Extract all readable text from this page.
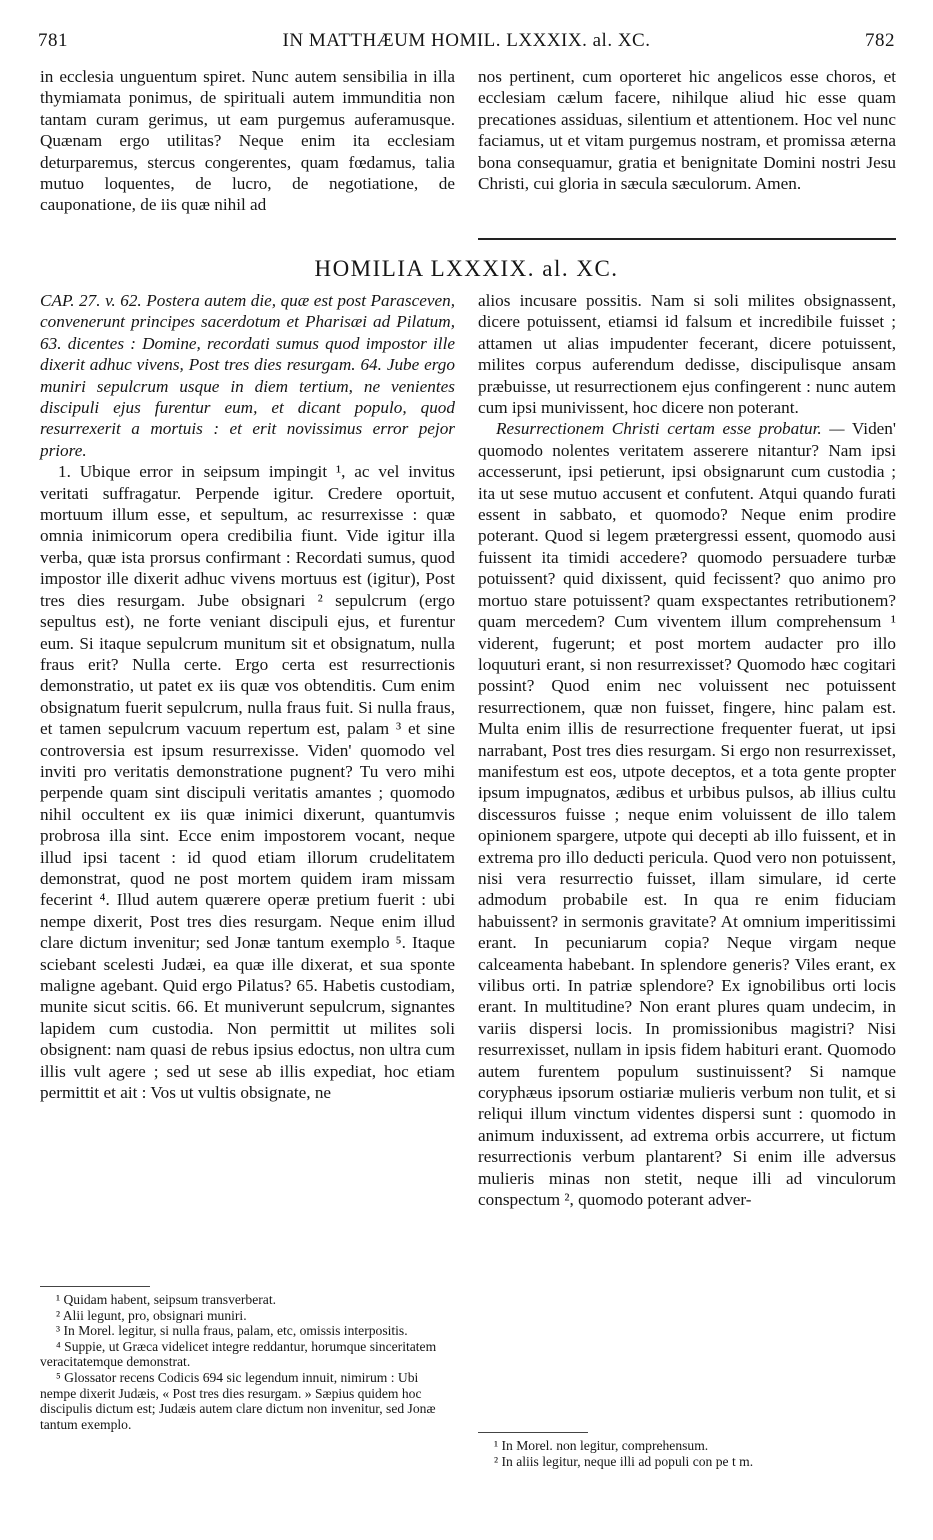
781	IN MATTHÆUM HOMIL. LXXXIX. al. XC.	782

in ecclesia unguentum spiret. Nunc autem sensibilia in illa thymiamata ponimus, de spirituali autem immunditia non tantam curam gerimus, ut eam purgemus auferamusque. Quænam ergo utilitas? Neque enim ita ecclesiam deturparemus, stercus congerentes, quam fœdamus, talia mutuo loquentes, de lucro, de negotiatione, de cauponatione, de iis quæ nihil ad

nos pertinent, cum oporteret hic angelicos esse choros, et ecclesiam cælum facere, nihilque aliud hic esse quam precationes assiduas, silentium et attentionem. Hoc vel nunc faciamus, ut et vitam purgemus nostram, et promissa æterna bona consequamur, gratia et benignitate Domini nostri Jesu Christi, cui gloria in sæcula sæculorum. Amen.

HOMILIA LXXXIX. al. XC.

CAP. 27. v. 62. Postera autem die, quæ est post Parasceven, convenerunt principes sacerdotum et Pharisæi ad Pilatum, 63. dicentes : Domine, recordati sumus quod impostor ille dixerit adhuc vivens, Post tres dies resurgam. 64. Jube ergo muniri sepulcrum usque in diem tertium, ne venientes discipuli ejus furentur eum, et dicant populo, quod resurrexerit a mortuis : et erit novissimus error pejor priore.

1. Ubique error in seipsum impingit ¹, ac vel invitus veritati suffragatur. Perpende igitur. Credere oportuit, mortuum illum esse, et sepultum, ac resurrexisse : quæ omnia inimicorum opera credibilia fiunt. Vide igitur illa verba, quæ ista prorsus confirmant : Recordati sumus, quod impostor ille dixerit adhuc vivens mortuus est (igitur), Post tres dies resurgam. Jube obsignari ² sepulcrum (ergo sepultus est), ne forte veniant discipuli ejus, et furentur eum. Si itaque sepulcrum munitum sit et obsignatum, nulla fraus erit? Nulla certe. Ergo certa est resurrectionis demonstratio, ut patet ex iis quæ vos obtenditis. Cum enim obsignatum fuerit sepulcrum, nulla fraus fuit. Si nulla fraus, et tamen sepulcrum vacuum repertum est, palam ³ et sine controversia est ipsum resurrexisse. Viden' quomodo vel inviti pro veritatis demonstratione pugnent? Tu vero mihi perpende quam sint discipuli veritatis amantes ; quomodo nihil occultent ex iis quæ inimici dixerunt, quantumvis probrosa illa sint. Ecce enim impostorem vocant, neque illud ipsi tacent : id quod etiam illorum crudelitatem demonstrat, quod ne post mortem quidem iram missam fecerint ⁴. Illud autem quærere operæ pretium fuerit : ubi nempe dixerit, Post tres dies resurgam. Neque enim illud clare dictum invenitur; sed Jonæ tantum exemplo ⁵. Itaque sciebant scelesti Judæi, ea quæ ille dixerat, et sua sponte maligne agebant. Quid ergo Pilatus? 65. Habetis custodiam, munite sicut scitis. 66. Et muniverunt sepulcrum, signantes lapidem cum custodia. Non permittit ut milites soli obsignent: nam quasi de rebus ipsius edoctus, non ultra cum illis vult agere ; sed ut sese ab illis expediat, hoc etiam permittit et ait : Vos ut vultis obsignate, ne

alios incusare possitis. Nam si soli milites obsignassent, dicere potuissent, etiamsi id falsum et incredibile fuisset ; attamen ut alias impudenter fecerant, dicere potuissent, milites corpus auferendum dedisse, discipulisque ansam præbuisse, ut resurrectionem ejus confingerent : nunc autem cum ipsi munivissent, hoc dicere non poterant.

Resurrectionem Christi certam esse probatur. — Viden' quomodo nolentes veritatem asserere nitantur? Nam ipsi accesserunt, ipsi petierunt, ipsi obsignarunt cum custodia ; ita ut sese mutuo accusent et confutent. Atqui quando furati essent in sabbato, et quomodo? Neque enim prodire poterant. Quod si legem prætergressi essent, quomodo ausi fuissent ita timidi accedere? quomodo persuadere turbæ potuissent? quid dixissent, quid fecissent? quo animo pro mortuo stare potuissent? quam exspectantes retributionem? quam mercedem? Cum viventem illum comprehensum ¹ viderent, fugerunt; et post mortem audacter pro illo loquuturi erant, si non resurrexisset? Quomodo hæc cogitari possint? Quod enim nec voluissent nec potuissent resurrectionem, quæ non fuisset, fingere, hinc palam est. Multa enim illis de resurrectione frequenter fuerat, ut ipsi narrabant, Post tres dies resurgam. Si ergo non resurrexisset, manifestum est eos, utpote deceptos, et a tota gente propter ipsum impugnatos, ædibus et urbibus pulsos, ab illius cultu discessuros fuisse ; neque enim voluissent de illo talem opinionem spargere, utpote qui decepti ab illo fuissent, et in extrema pro illo deducti pericula. Quod vero non potuissent, nisi vera resurrectio fuisset, illam simulare, id certe admodum probabile est. In qua re enim fiduciam habuissent? in sermonis gravitate? At omnium imperitissimi erant. In pecuniarum copia? Neque virgam neque calceamenta habebant. In splendore generis? Viles erant, ex vilibus orti. In patriæ splendore? Ex ignobilibus orti locis erant. In multitudine? Non erant plures quam undecim, in variis dispersi locis. In promissionibus magistri? Nisi resurrexisset, nullam in ipsis fidem habituri erant. Quomodo autem furentem populum sustinuissent? Si namque coryphæus ipsorum ostiariæ mulieris verbum non tulit, et si reliqui illum vinctum videntes dispersi sunt : quomodo in animum induxissent, ad extrema orbis accurrere, ut fictum resurrectionis verbum plantarent? Si enim ille adversus mulieris minas non stetit, neque illi ad vinculorum conspectum ², quomodo poterant adver-

¹ Quidam habent, seipsum transverberat.

² Alii legunt, pro, obsignari muniri.

³ In Morel. legitur, si nulla fraus, palam, etc, omissis interpositis.

⁴ Suppie, ut Græca videlicet integre reddantur, horumque sinceritatem veracitatemque demonstrat.

⁵ Glossator recens Codicis 694 sic legendum innuit, nimirum : Ubi nempe dixerit Judæis, « Post tres dies resurgam. » Sæpius quidem hoc discipulis dictum est; Judæis autem clare dictum non invenitur, sed Jonæ tantum exemplo.

¹ In Morel. non legitur, comprehensum.

² In aliis legitur, neque illi ad populi con pe t m.
